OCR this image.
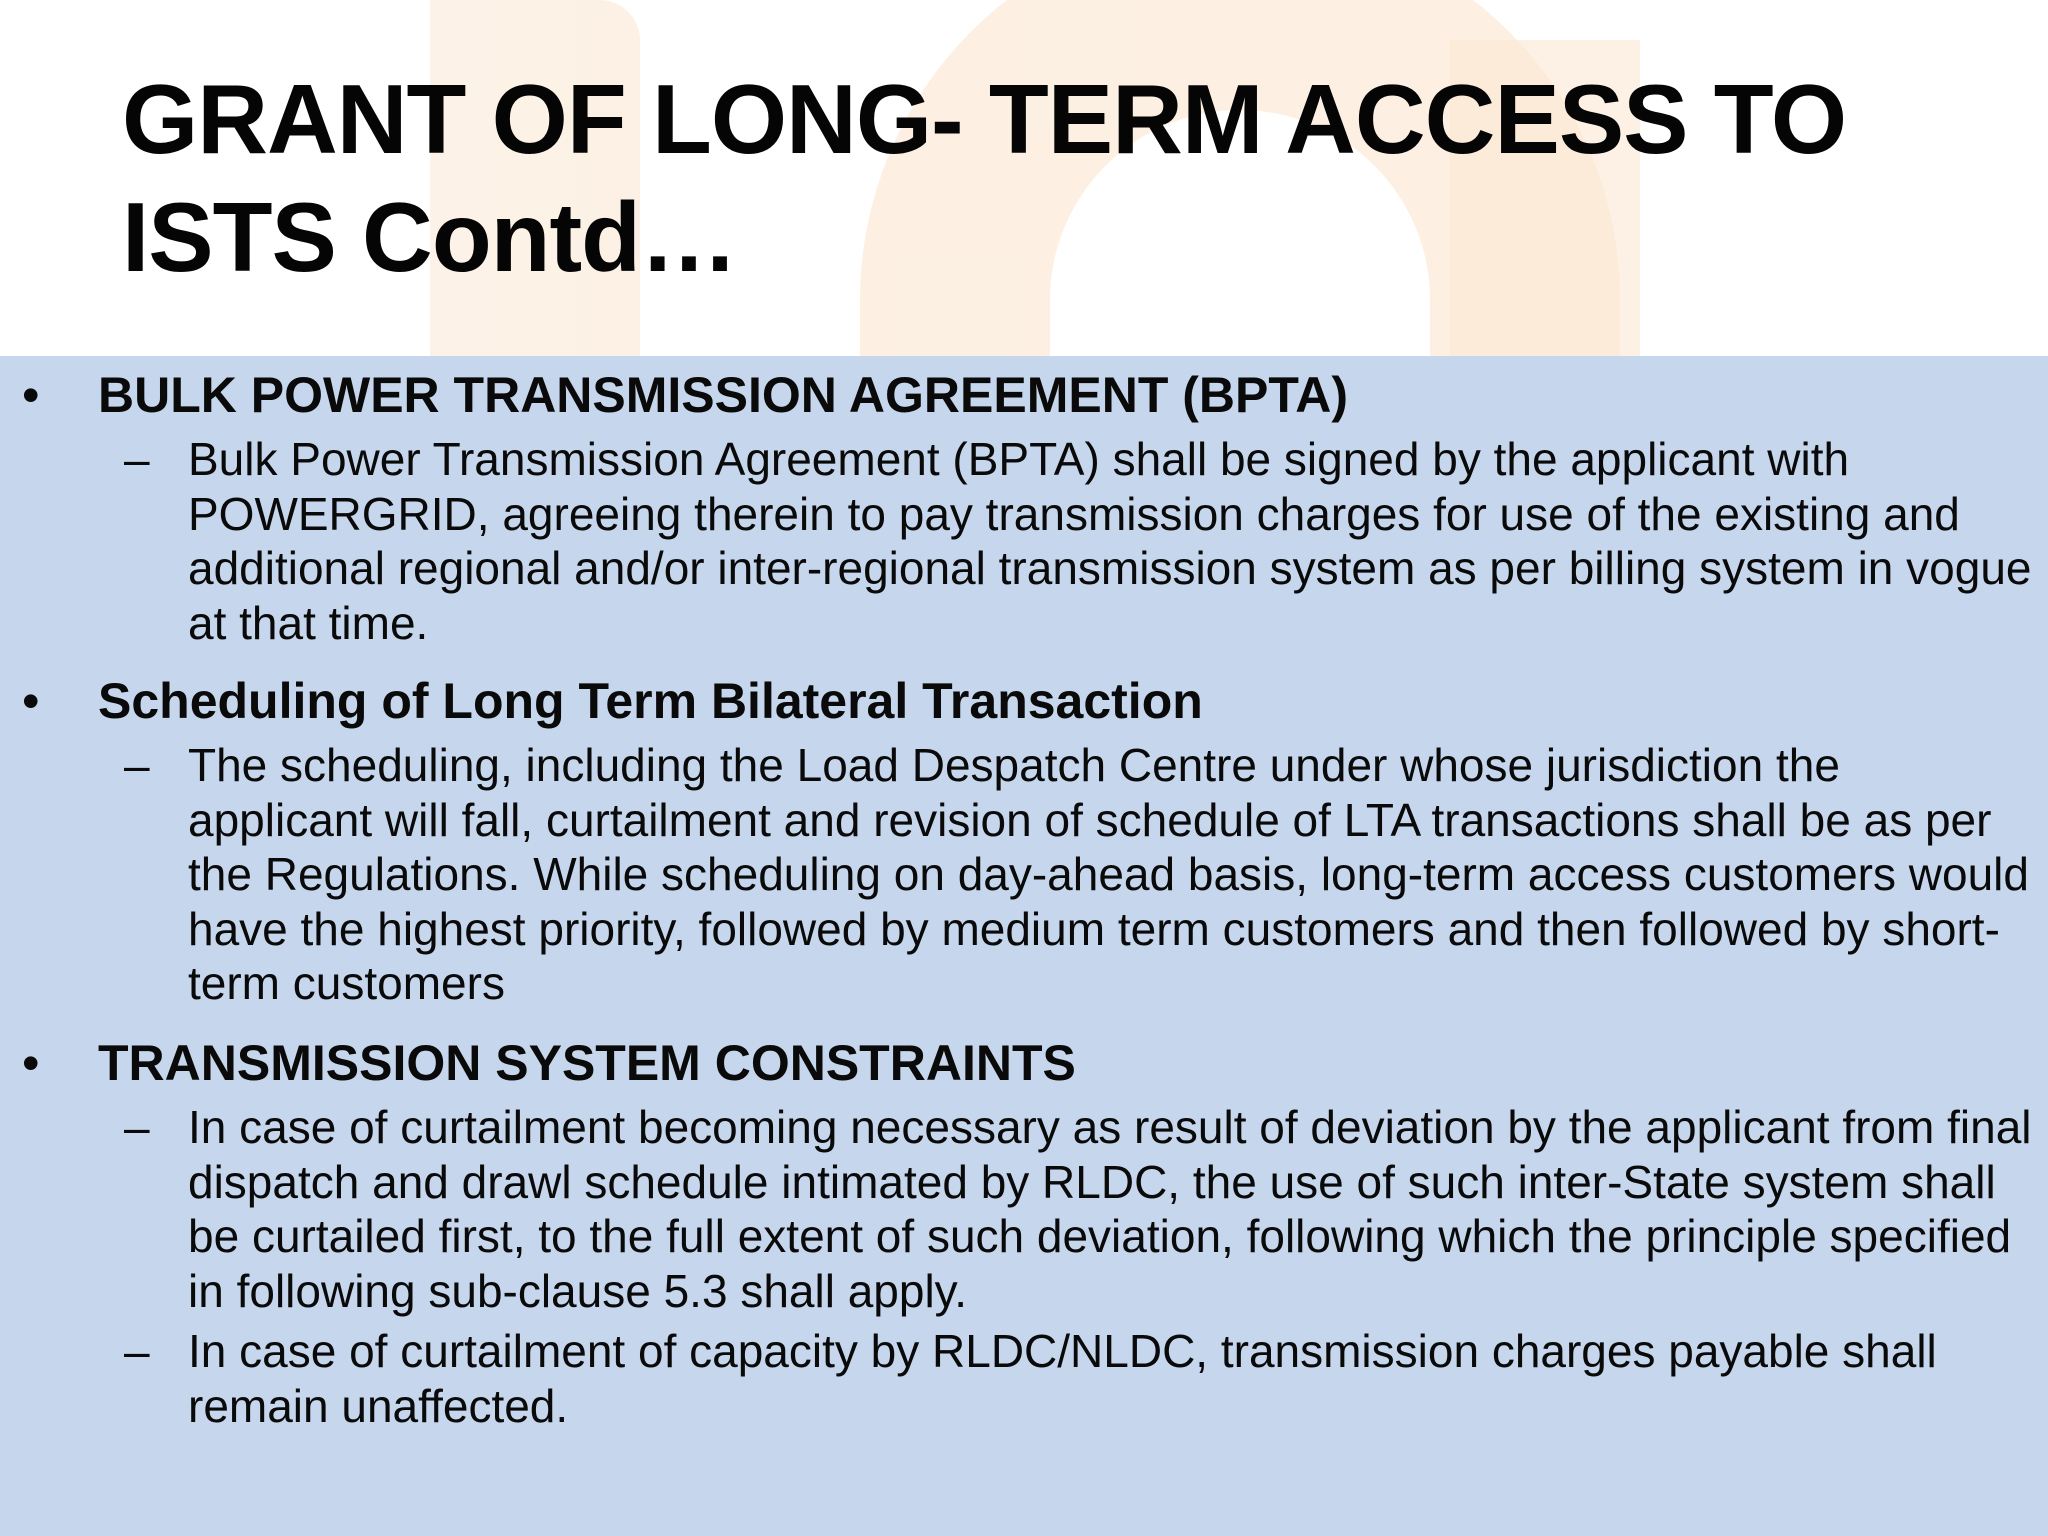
GRANT OF LONG- TERM ACCESS TO
ISTS Contd…
• BULK POWER TRANSMISSION AGREEMENT (BPTA)
– Bulk Power Transmission Agreement (BPTA) shall be signed by the applicant with POWERGRID, agreeing therein to pay transmission charges for use of the existing and additional regional and/or inter-regional transmission system as per billing system in vogue at that time.
• Scheduling of Long Term Bilateral Transaction
– The scheduling, including the Load Despatch Centre under whose jurisdiction the applicant will fall, curtailment and revision of schedule of LTA transactions shall be as per the Regulations. While scheduling on day-ahead basis, long-term access customers would have the highest priority, followed by medium term customers and then followed by short-term customers
• TRANSMISSION SYSTEM CONSTRAINTS
– In case of curtailment becoming necessary as result of deviation by the applicant from final dispatch and drawl schedule intimated by RLDC, the use of such inter-State system shall be curtailed first, to the full extent of such deviation, following which the principle specified in following sub-clause 5.3 shall apply.
– In case of curtailment of capacity by RLDC/NLDC, transmission charges payable shall remain unaffected.
